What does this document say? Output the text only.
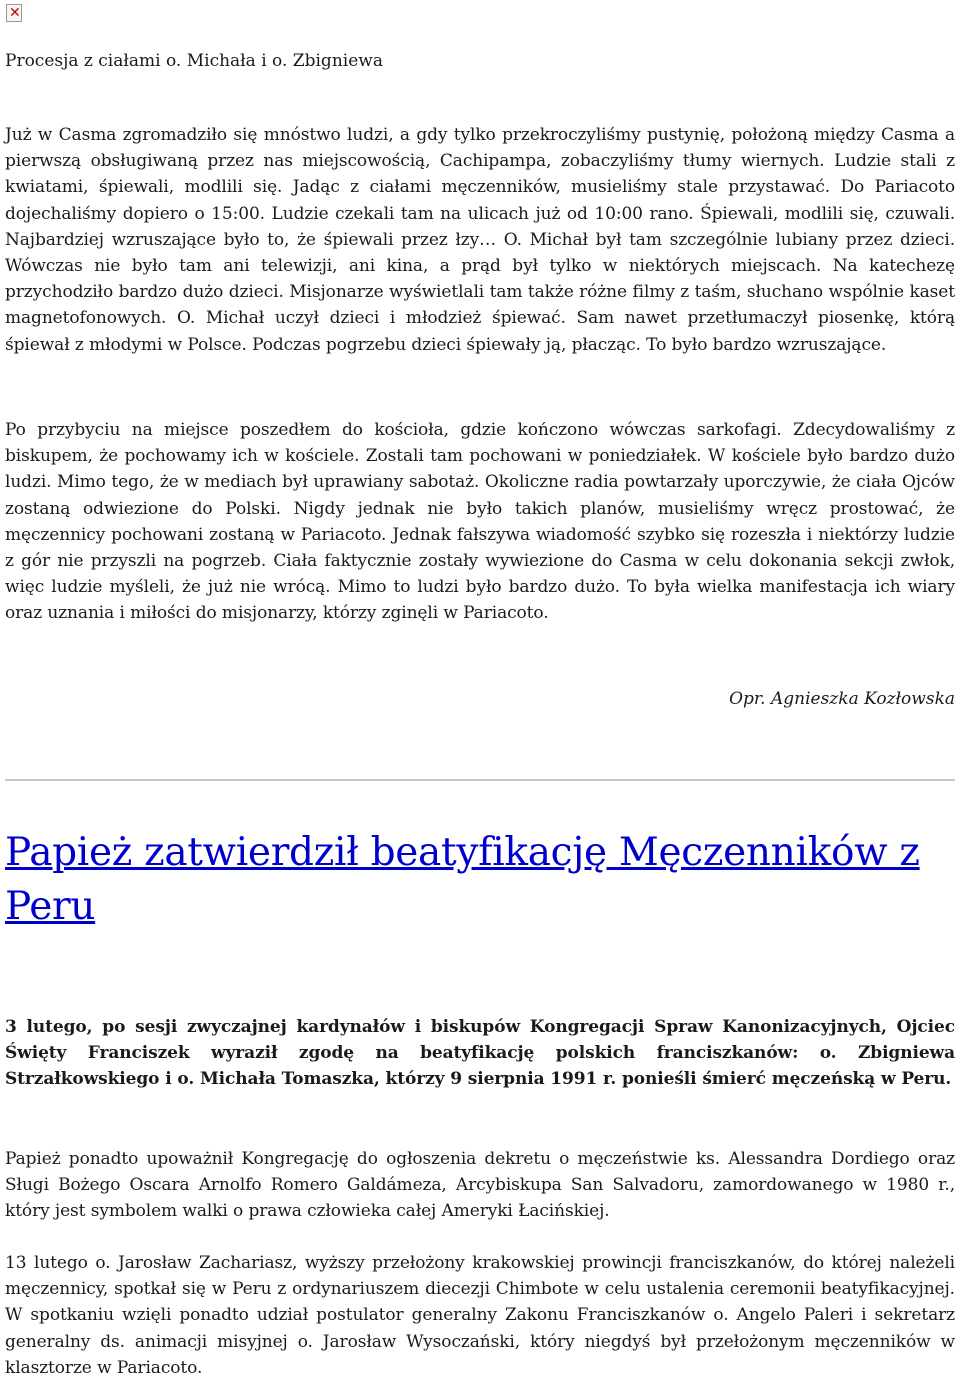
✕
Procesja z ciałami o. Michała i o. Zbigniewa

Już w Casma zgromadziło się mnóstwo ludzi, a gdy tylko przekroczyliśmy pustynię, położoną między Casma a pierwszą obsługiwaną przez nas miejscowością, Cachipampa, zobaczyliśmy tłumy wiernych. Ludzie stali z kwiatami, śpiewali, modlili się. Jadąc z ciałami męczenników, musieliśmy stale przystawać. Do Pariacoto dojechaliśmy dopiero o 15:00. Ludzie czekali tam na ulicach już od 10:00 rano. Śpiewali, modlili się, czuwali. Najbardziej wzruszające było to, że śpiewali przez łzy… O. Michał był tam szczególnie lubiany przez dzieci. Wówczas nie było tam ani telewizji, ani kina, a prąd był tylko w niektórych miejscach. Na katechezę przychodziło bardzo dużo dzieci. Misjonarze wyświetlali tam także różne filmy z taśm, słuchano wspólnie kaset magnetofonowych. O. Michał uczył dzieci i młodzież śpiewać. Sam nawet przetłumaczył piosenkę, którą śpiewał z młodymi w Polsce. Podczas pogrzebu dzieci śpiewały ją, płacząc. To było bardzo wzruszające.

Po przybyciu na miejsce poszedłem do kościoła, gdzie kończono wówczas sarkofagi. Zdecydowaliśmy z biskupem, że pochowamy ich w kościele. Zostali tam pochowani w poniedziałek. W kościele było bardzo dużo ludzi. Mimo tego, że w mediach był uprawiany sabotaż. Okoliczne radia powtarzały uporczywie, że ciała Ojców zostaną odwiezione do Polski. Nigdy jednak nie było takich planów, musieliśmy wręcz prostować, że męczennicy pochowani zostaną w Pariacoto. Jednak fałszywa wiadomość szybko się rozeszła i niektórzy ludzie z gór nie przyszli na pogrzeb. Ciała faktycznie zostały wywiezione do Casma w celu dokonania sekcji zwłok, więc ludzie myśleli, że już nie wrócą. Mimo to ludzi było bardzo dużo. To była wielka manifestacja ich wiary oraz uznania i miłości do misjonarzy, którzy zginęli w Pariacoto.

Opr. Agnieszka Kozłowska
Papież zatwierdził beatyfikację Męczenników z Peru

3 lutego, po sesji zwyczajnej kardynałów i biskupów Kongregacji Spraw Kanonizacyjnych, Ojciec Święty Franciszek wyraził zgodę na beatyfikację polskich franciszkanów: o. Zbigniewa Strzałkowskiego i o. Michała Tomaszka, którzy 9 sierpnia 1991 r. ponieśli śmierć męczeńską w Peru.

Papież ponadto upoważnił Kongregację do ogłoszenia dekretu o męczeństwie ks. Alessandra Dordiego oraz Sługi Bożego Oscara Arnolfo Romero Galdámeza, Arcybiskupa San Salvadoru, zamordowanego w 1980 r., który jest symbolem walki o prawa człowieka całej Ameryki Łacińskiej.

13 lutego o. Jarosław Zachariasz, wyższy przełożony krakowskiej prowincji franciszkanów, do której należeli męczennicy, spotkał się w Peru z ordynariuszem diecezji Chimbote w celu ustalenia ceremonii beatyfikacyjnej. W spotkaniu wzięli ponadto udział postulator generalny Zakonu Franciszkanów o. Angelo Paleri i sekretarz generalny ds. animacji misyjnej o. Jarosław Wysoczański, który niegdyś był przełożonym męczenników w klasztorze w Pariacoto.
